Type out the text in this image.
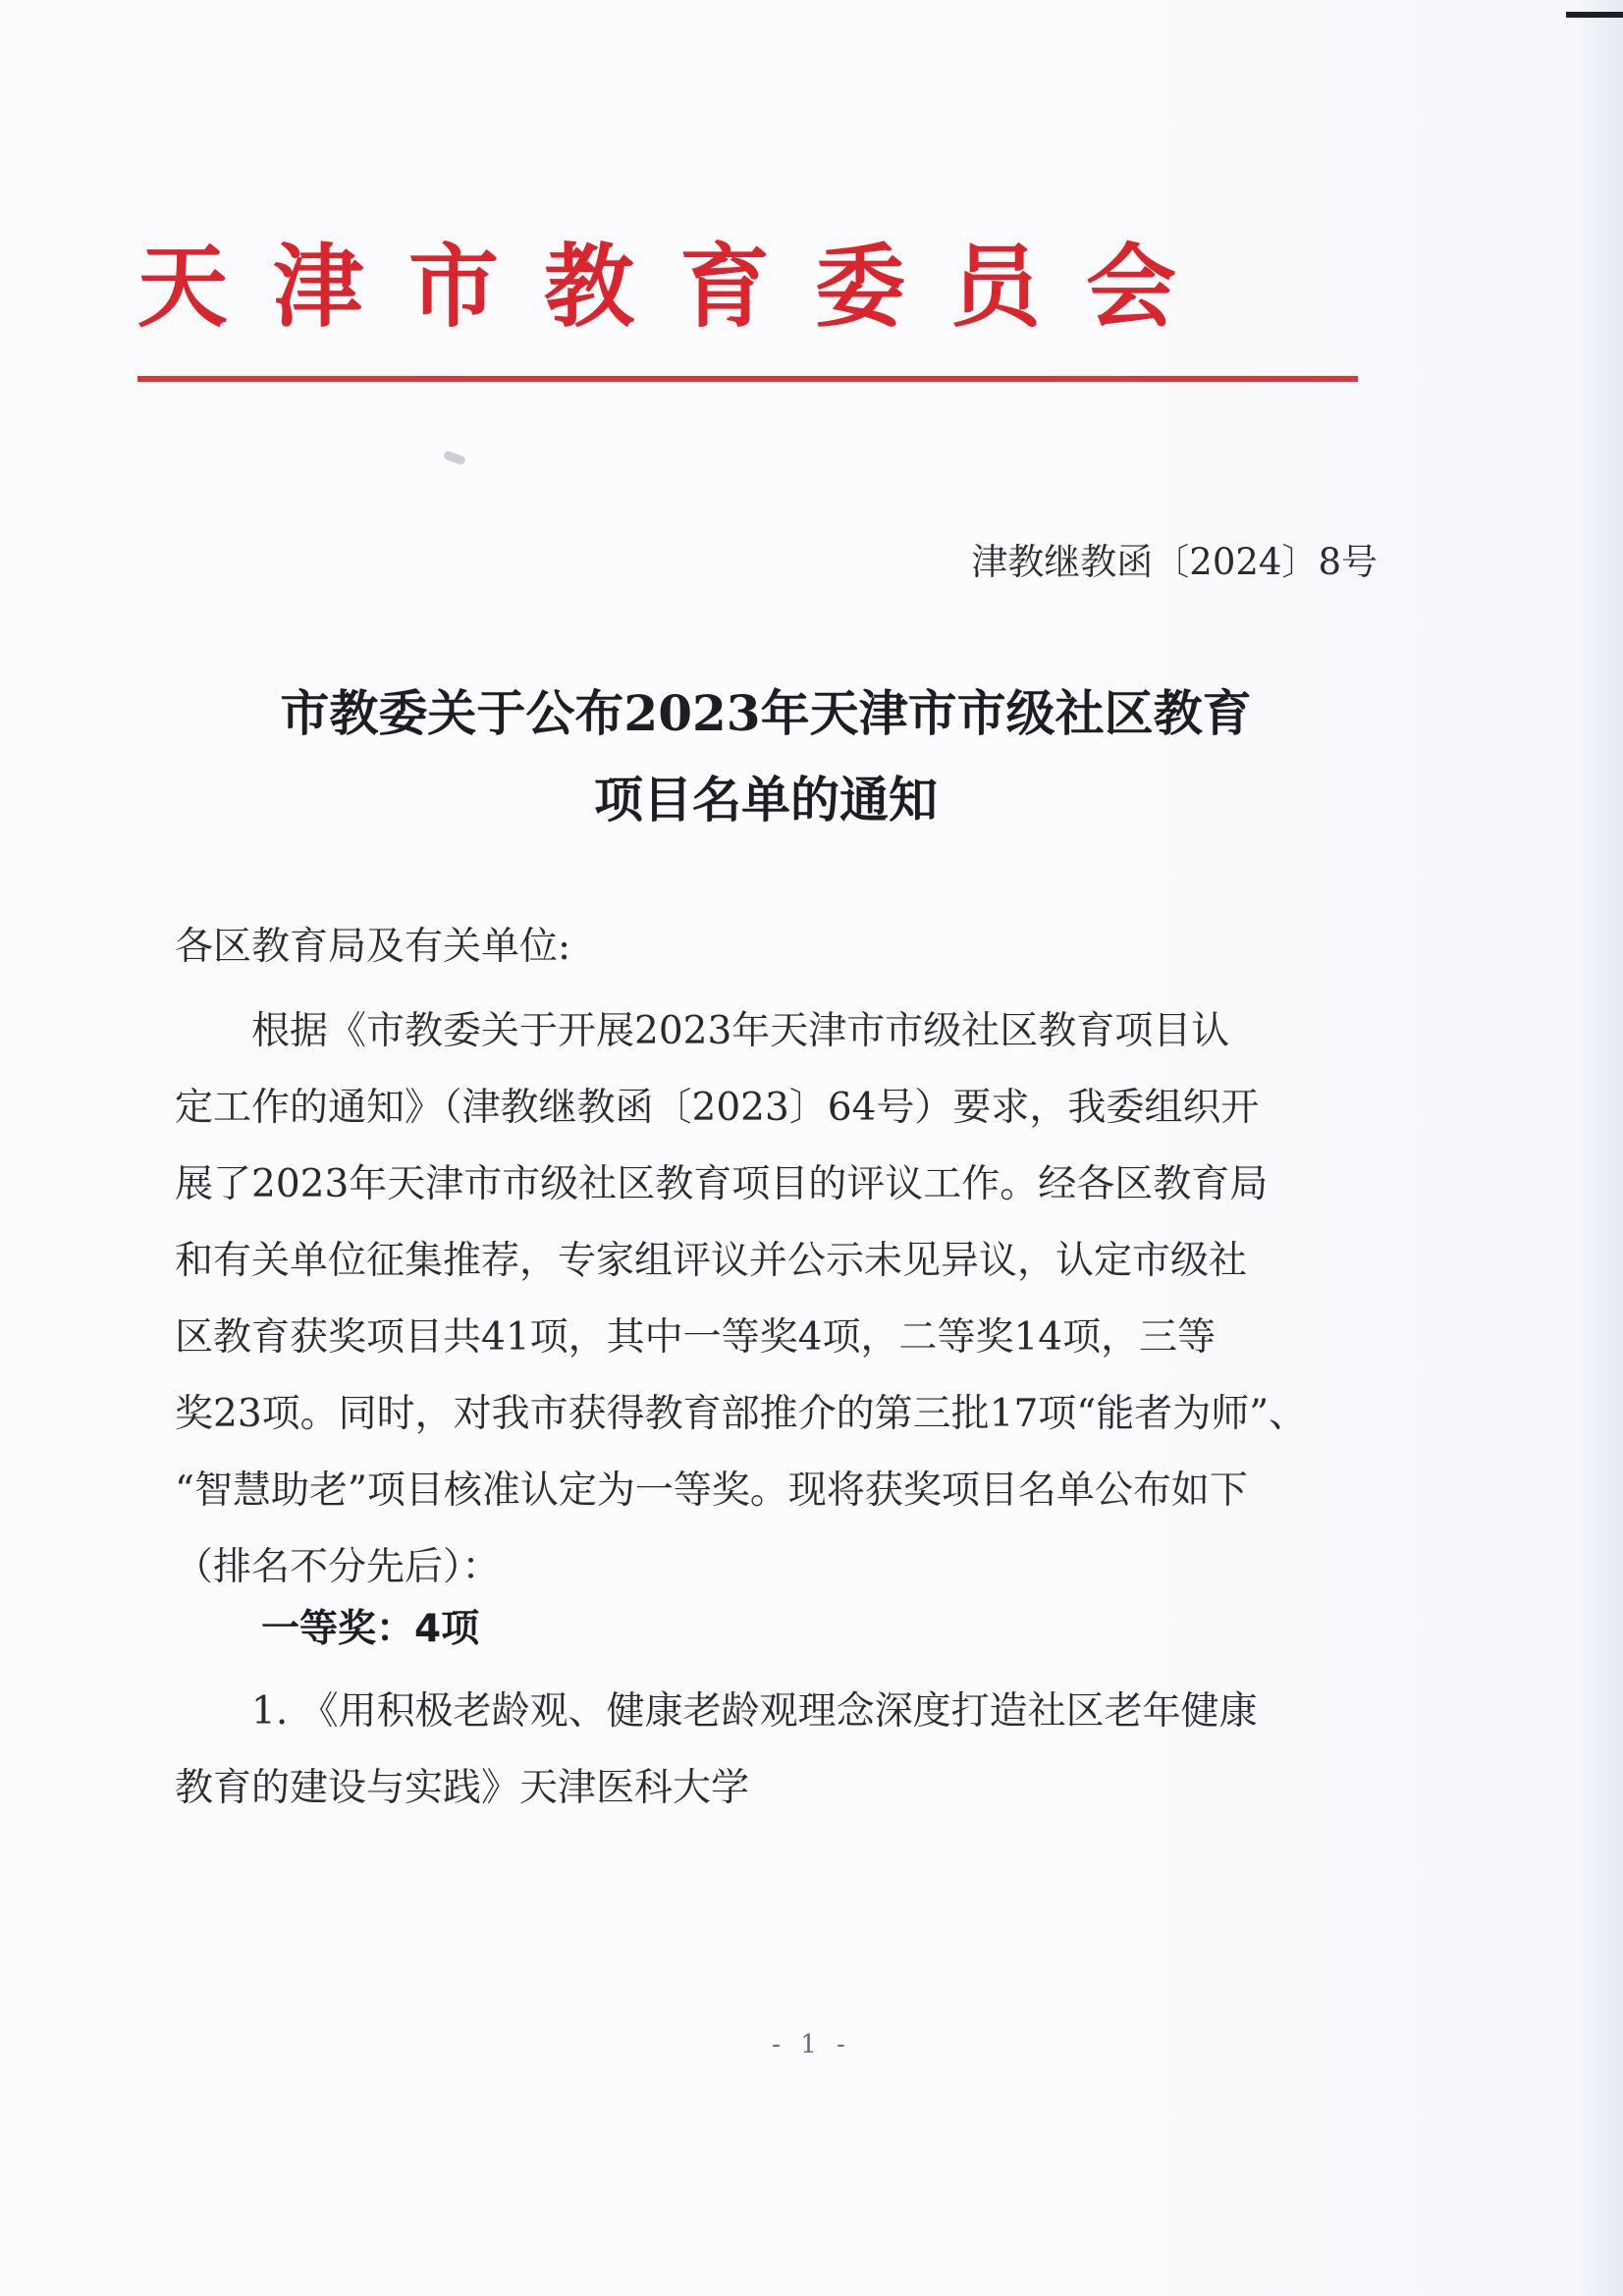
天津市教育委员会
津教继教函〔2024〕8号
市教委关于公布2023年天津市市级社区教育
项目名单的通知
各区教育局及有关单位:

根据《市教委关于开展2023年天津市市级社区教育项目认
定工作的通知》（津教继教函〔2023〕64号）要求，我委组织开
展了2023年天津市市级社区教育项目的评议工作。经各区教育局
和有关单位征集推荐，专家组评议并公示未见异议，认定市级社
区教育获奖项目共41项，其中一等奖4项，二等奖14项，三等
奖23项。同时，对我市获得教育部推介的第三批17项“能者为师”、
“智慧助老”项目核准认定为一等奖。现将获奖项目名单公布如下
（排名不分先后）：

一等奖：4项

1. 《用积极老龄观、健康老龄观理念深度打造社区老年健康
教育的建设与实践》天津医科大学

- 1 -
